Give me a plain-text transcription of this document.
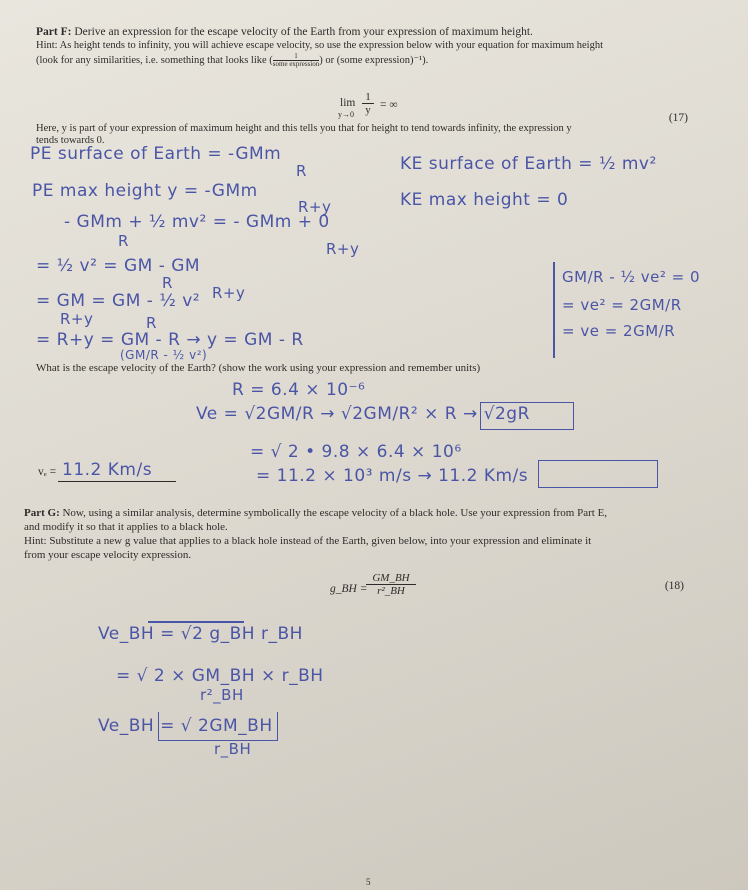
Part F: Derive an expression for the escape velocity of the Earth from your expression of maximum height.
Hint: As height tends to infinity, you will achieve escape velocity, so use the expression below with your equation for maximum height
(look for any similarities, i.e. something that looks like (	1
some expression ) or (some expression)⁻¹).
lim
$y\to 0 \frac{1}{y}$ = ∞
(17)
Here, y is part of your expression of maximum height and this tells you that for height to tend towards infinity, the expression y
tends towards 0.
PE surface of Earth = -GMm
R	KE surface of Earth = ½ mv²
PE max height y = -GMm
R+y	KE max height = 0
- GMm + ½ mv² = - GMm + 0
R	R+y
= ½ v² = GM - GM
R
R+y
= GM = GM - ½ v²
R+y	R
= R+y = GM - R → y = GM - R
(GM/R - ½ v²)
GM/R - ½ ve² = 0
= ve² = 2GM/R
= ve = 2GM/R
What is the escape velocity of the Earth? (show the work using your expression and remember units)
R = 6.4 × 10⁻⁶
Ve = √2GM/R → √2GM/R² × R → √2gR
= √ 2 • 9.8 × 6.4 × 10⁶
vₑ = 11.2 Km/s	= 11.2 × 10³ m/s → 11.2 Km/s
Part G: Now, using a similar analysis, determine symbolically the escape velocity of a black hole. Use your expression from Part E,
and modify it so that it applies to a black hole.
Hint: Substitute a new g value that applies to a black hole instead of the Earth, given below, into your expression and eliminate it
from your escape velocity expression.
g_BH =
$\frac{GM\_BH}{\text{r²\_BH}}$	(18)
Ve_BH = √2 g_BH r_BH
= √ 2 × GM_BH × r_BH
r²_BH
Ve_BH = √ 2GM_BH
r_BH
5
